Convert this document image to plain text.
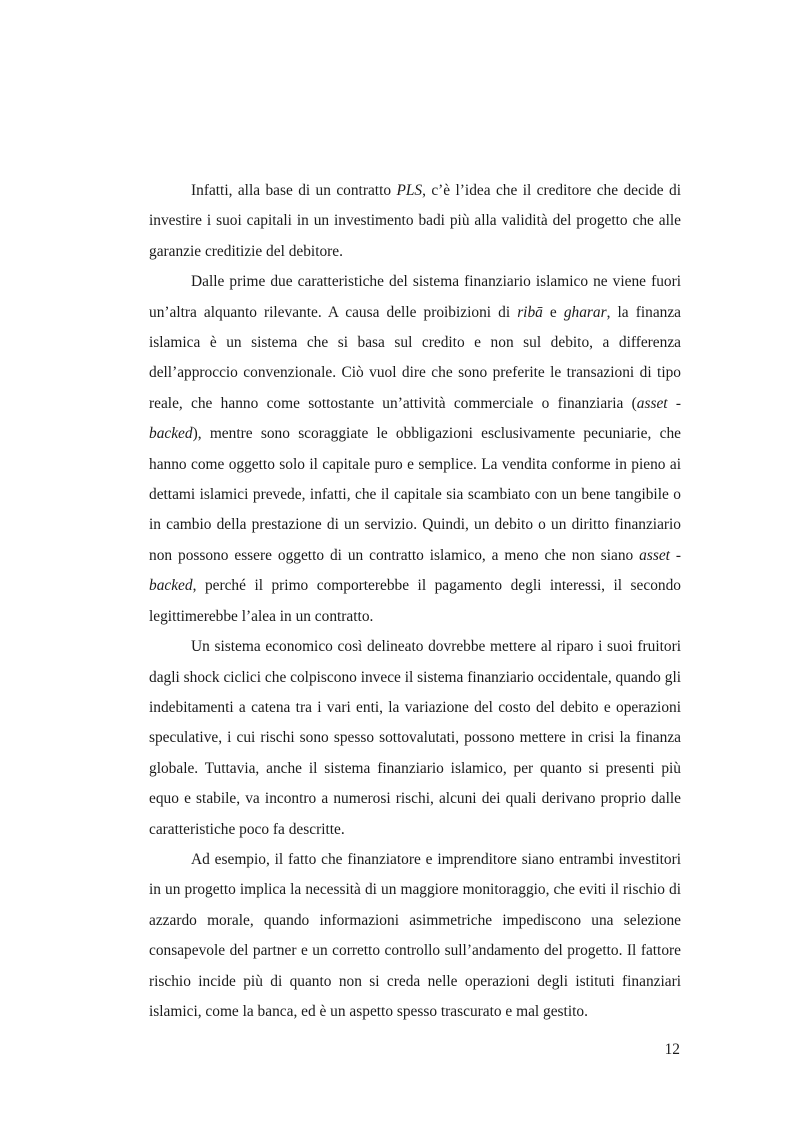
Infatti, alla base di un contratto PLS, c’è l’idea che il creditore che decide di investire i suoi capitali in un investimento badi più alla validità del progetto che alle garanzie creditizie del debitore.

Dalle prime due caratteristiche del sistema finanziario islamico ne viene fuori un’altra alquanto rilevante. A causa delle proibizioni di ribā e gharar, la finanza islamica è un sistema che si basa sul credito e non sul debito, a differenza dell’approccio convenzionale. Ciò vuol dire che sono preferite le transazioni di tipo reale, che hanno come sottostante un’attività commerciale o finanziaria (asset - backed), mentre sono scoraggiate le obbligazioni esclusivamente pecuniarie, che hanno come oggetto solo il capitale puro e semplice. La vendita conforme in pieno ai dettami islamici prevede, infatti, che il capitale sia scambiato con un bene tangibile o in cambio della prestazione di un servizio. Quindi, un debito o un diritto finanziario non possono essere oggetto di un contratto islamico, a meno che non siano asset - backed, perché il primo comporterebbe il pagamento degli interessi, il secondo legittimerebbe l’alea in un contratto.

Un sistema economico così delineato dovrebbe mettere al riparo i suoi fruitori dagli shock ciclici che colpiscono invece il sistema finanziario occidentale, quando gli indebitamenti a catena tra i vari enti, la variazione del costo del debito e operazioni speculative, i cui rischi sono spesso sottovalutati, possono mettere in crisi la finanza globale. Tuttavia, anche il sistema finanziario islamico, per quanto si presenti più equo e stabile, va incontro a numerosi rischi, alcuni dei quali derivano proprio dalle caratteristiche poco fa descritte.

Ad esempio, il fatto che finanziatore e imprenditore siano entrambi investitori in un progetto implica la necessità di un maggiore monitoraggio, che eviti il rischio di azzardo morale, quando informazioni asimmetriche impediscono una selezione consapevole del partner e un corretto controllo sull’andamento del progetto. Il fattore rischio incide più di quanto non si creda nelle operazioni degli istituti finanziari islamici, come la banca, ed è un aspetto spesso trascurato e mal gestito.

12
